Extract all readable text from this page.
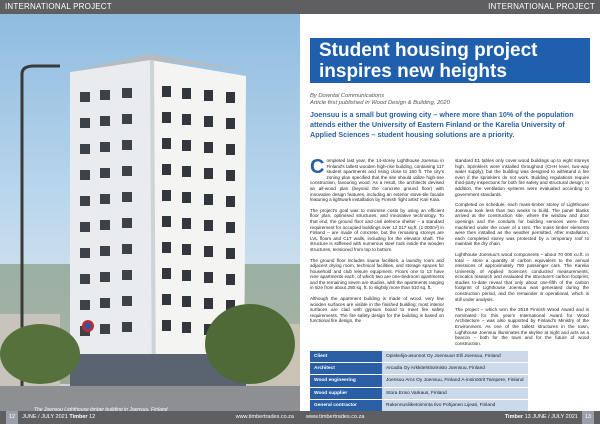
INTERNATIONAL PROJECT
The Joensuu Lighthouse timber building in Joensuu, Finland
12 JUNE / JULY 2021 Timber 12	www.timbertrades.co.za
INTERNATIONAL PROJECT
Student housing project
inspires new heights
By Downtal Communications
Article first published in Wood Design & Building, 2020
Joensuu is a small but growing city – where more than 10% of the population attends either the University of Eastern Finland or the Karelia University of Applied Sciences – student housing solutions are a priority.

Completed last year, the 14-storey Lighthouse Joensuu in Finland's tallest wooden high-rise building, containing 117 student apartments and rising close to 160 ft. The city's zoning plan specified that the site should utilize high-rise construction, favouring wood. As a result, the architects devised an all-wood plan (beyond the concrete ground floor) with innovative design features, including an exterior stove-tile facade featuring a lightwork installation by Finnish 'light artist' Kari Kola.

The project's goal was to minimise costs by using an efficient floor plan, optimised structures, and innovative technology. To that end, the ground floor and civil defence shelter – a standard requirement for occupied buildings over 12 017 sq.ft. (1 000m²) in Finland – are made of concrete, but the remaining storeys are LVL floors and CLT walls, including for the elevator shaft. The structure is stiffened with numerous steel rods inside the wooden structures, tensioned from top to bottom.

The ground floor includes sauna facilities, a laundry room and adjacent drying room, technical facilities, and storage spaces for household and club leisure equipment. Floors one to 13 have nine apartments each, of which two are one-bedroom apartments and the remaining seven are studios, with the apartments ranging in size from about 280 sq. ft. to slightly more than 510 sq. ft.

Although the apartment building is made of wood, very few wooden surfaces are visible in the finished building; most interior surfaces are clad with gypsum board to meet fire safety requirements. The fire safety design for the building is based on functional fire design, the

standard E1 tables only cover wood buildings up to eight storeys high. Sprinklers were installed throughout (CHH level, two-way water supply), but the building was designed to withstand a fire even if the sprinklers do not work. Building regulations require third-party inspections for both fire safety and structural design; in addition, the ventilation systems were evaluated according to government standards.

Completed on schedule, each mass-timber storey of Lighthouse Joensuu took less than two weeks to build. The panel blanks arrived at the construction site, where the window and door openings and the conduits for building services were then machined under the cover of a tent. The mass timber elements were then installed as the weather permitted. After installation, each completed storey was protected by a temporary roof to maintain the dry chain.

Lighthouse Joensuu's wood components – about 70 000 cu.ft. in total – store a quantity of carbon equivalent to the annual emissions of approximately 750 passenger cars. The Karelia University of Applied Sciences conducted measurements, ecocalcs research and evaluated the structure's carbon footprint; studies to-date reveal that only about one-fifth of the carbon footprint of Lighthouse Joensuu was generated during the construction period, and the remainder is operational, which is still under analysis.

The project – which won the 2019 Finnish Wood Award and is nominated for this year's International Award for Wood Architecture – was also supported by Finland's Ministry of the Environment. As one of the tallest structures in the town, Lighthouse Joensuu illuminates the skyline at night and acts as a beacon – both for the town and for the future of wood construction.

Client	Opiskelija-asunnot Oy Joensuun Elli Joensuu, Finland
Architect	Arcadia Oy Arkkitehtitoimisto Joensuu, Finland
Wood engineering	Joensuu Arcs Oy Joensuu, Finland A-insinöörit Tampere, Finland
Wood supplier	Stora Enso Varkaus, Finland
General contractor	Rakennusliiketoiminta Ilvo Pohjanen Lijeati, Finland
www.timbertrades.co.za	Timber 13 JUNE / JULY 2021 13
